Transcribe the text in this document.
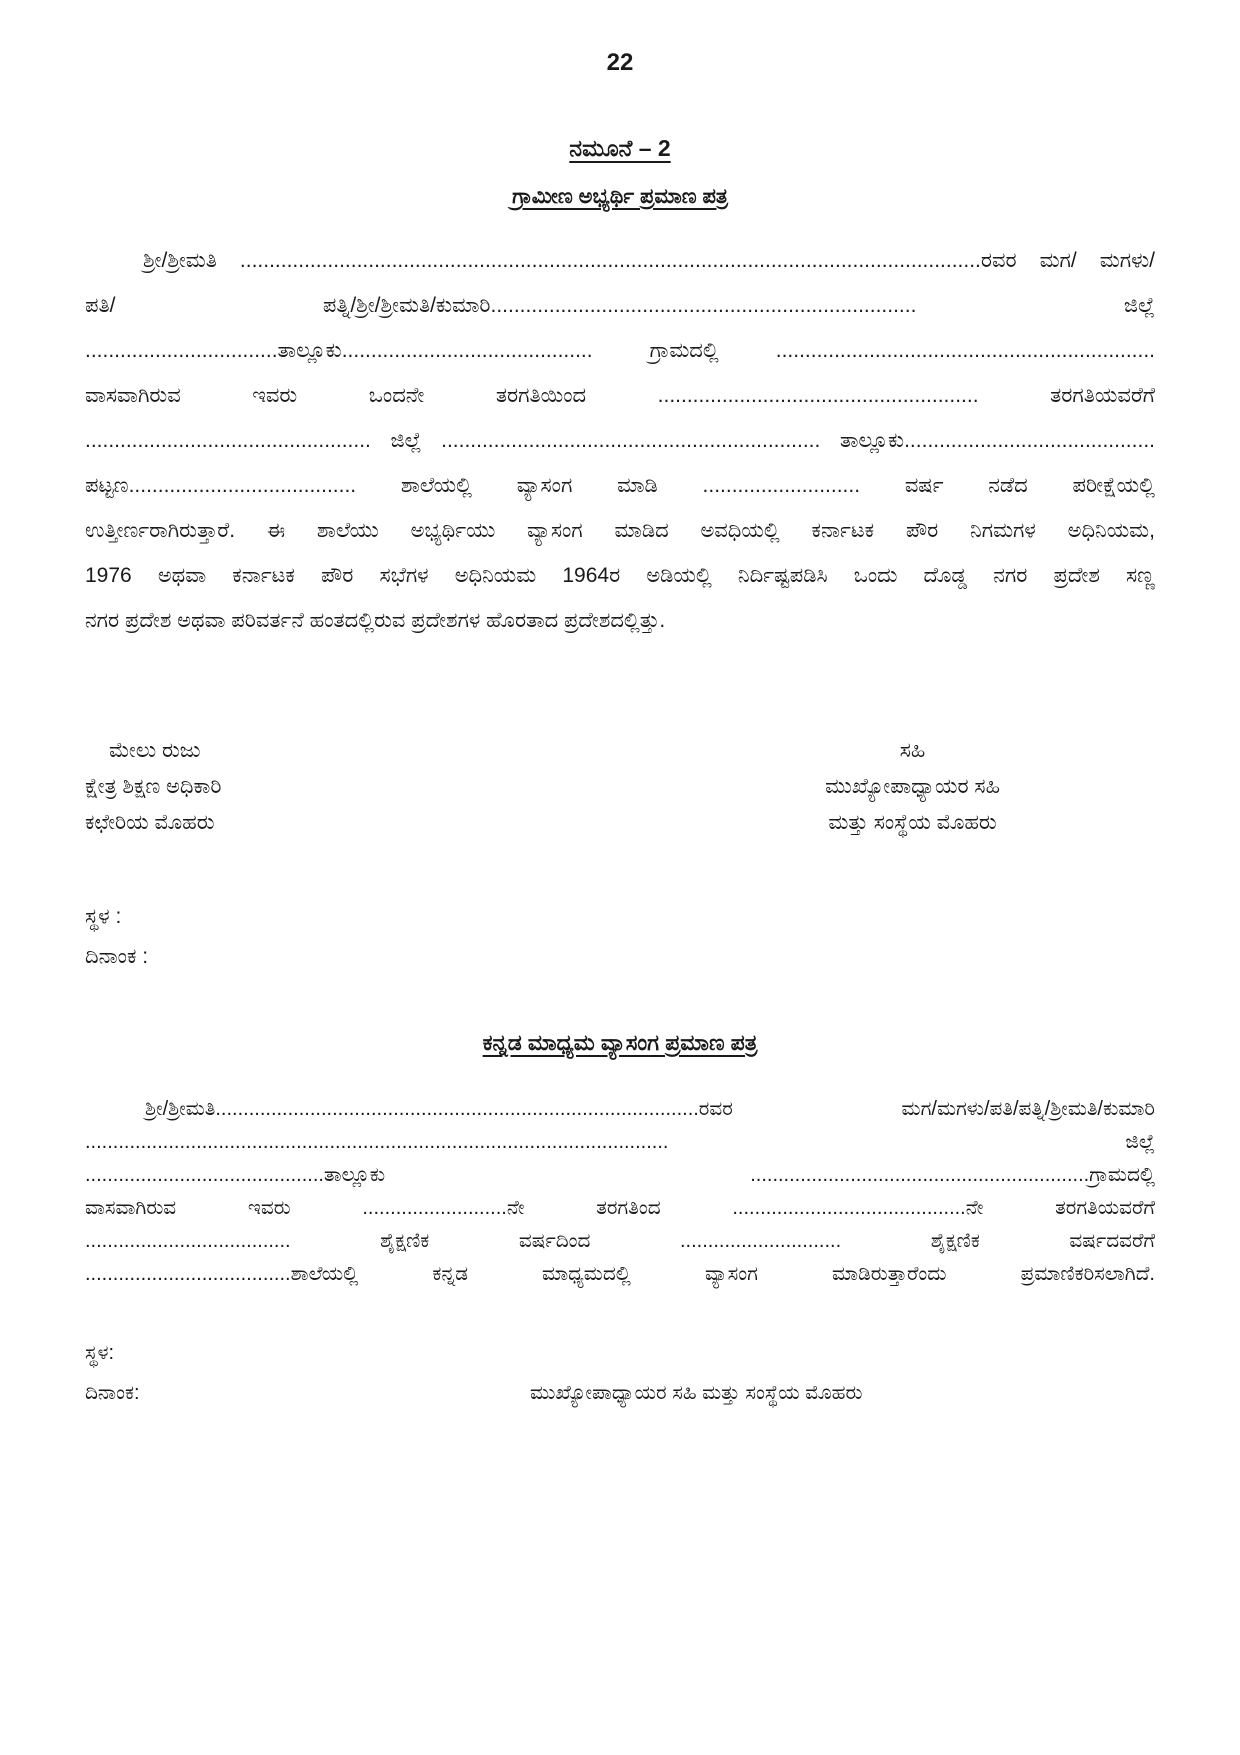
22
ನಮೂನೆ – 2
ಗ್ರಾಮೀಣ ಅಭ್ಯರ್ಥಿ ಪ್ರಮಾಣ ಪತ್ರ
ಶ್ರೀ/ಶ್ರೀಮತಿ ...............................................................................................................................ರವರ ಮಗ/ ಮಗಳು/
ಪತಿ/ ಪತ್ನಿ/ಶ್ರೀ/ಶ್ರೀಮತಿ/ಕುಮಾರಿ......................................................................... ಜಿಲ್ಲೆ
.................................ತಾಲ್ಲೂಕು........................................... ಗ್ರಾಮದಲ್ಲಿ .................................................................
ವಾಸವಾಗಿರುವ ಇವರು ಒಂದನೇ ತರಗತಿಯಿಂದ ....................................................... ತರಗತಿಯವರೆಗೆ
................................................. ಜಿಲ್ಲೆ ................................................................. ತಾಲ್ಲೂಕು...........................................
ಪಟ್ಟಣ....................................... ಶಾಲೆಯಲ್ಲಿ ವ್ಯಾಸಂಗ ಮಾಡಿ ........................... ವರ್ಷ ನಡೆದ ಪರೀಕ್ಷೆಯಲ್ಲಿ
ಉತ್ತೀರ್ಣರಾಗಿರುತ್ತಾರೆ. ಈ ಶಾಲೆಯು ಅಭ್ಯರ್ಥಿಯು ವ್ಯಾಸಂಗ ಮಾಡಿದ ಅವಧಿಯಲ್ಲಿ ಕರ್ನಾಟಕ ಪೌರ ನಿಗಮಗಳ ಅಧಿನಿಯಮ,
1976 ಅಥವಾ ಕರ್ನಾಟಕ ಪೌರ ಸಭೆಗಳ ಅಧಿನಿಯಮ 1964ರ ಅಡಿಯಲ್ಲಿ ನಿರ್ದಿಷ್ಟಪಡಿಸಿ ಒಂದು ದೊಡ್ಡ ನಗರ ಪ್ರದೇಶ ಸಣ್ಣ
ನಗರ ಪ್ರದೇಶ ಅಥವಾ ಪರಿವರ್ತನೆ ಹಂತದಲ್ಲಿರುವ ಪ್ರದೇಶಗಳ ಹೊರತಾದ ಪ್ರದೇಶದಲ್ಲಿತ್ತು.
ಮೇಲು ರುಜು
ಕ್ಷೇತ್ರ ಶಿಕ್ಷಣ ಅಧಿಕಾರಿ
ಕಛೇರಿಯ ಮೊಹರು
ಸಹಿ
ಮುಖ್ಯೋಪಾಧ್ಯಾಯರ ಸಹಿ
ಮತ್ತು ಸಂಸ್ಥೆಯ ಮೊಹರು
ಸ್ಥಳ :
ದಿನಾಂಕ :
ಕನ್ನಡ ಮಾಧ್ಯಮ ವ್ಯಾಸಂಗ ಪ್ರಮಾಣ ಪತ್ರ
ಶ್ರೀ/ಶ್ರೀಮತಿ.......................................................................................ರವರ ಮಗ/ಮಗಳು/ಪತಿ/ಪತ್ನಿ/ಶ್ರೀಮತಿ/ಕುಮಾರಿ
......................................................................................................... ಜಿಲ್ಲೆ
...........................................ತಾಲ್ಲೂಕು .............................................................ಗ್ರಾಮದಲ್ಲಿ
ವಾಸವಾಗಿರುವ ಇವರು ..........................ನೇ ತರಗತಿಂದ ..........................................ನೇ ತರಗತಿಯವರೆಗೆ
..................................... ಶೈಕ್ಷಣಿಕ ವರ್ಷದಿಂದ ............................. ಶೈಕ್ಷಣಿಕ ವರ್ಷದವರೆಗೆ
.....................................ಶಾಲೆಯಲ್ಲಿ ಕನ್ನಡ ಮಾಧ್ಯಮದಲ್ಲಿ ವ್ಯಾಸಂಗ ಮಾಡಿರುತ್ತಾರೆಂದು ಪ್ರಮಾಣಿಕರಿಸಲಾಗಿದೆ.
ಸ್ಥಳ:
ದಿನಾಂಕ:	ಮುಖ್ಯೋಪಾಧ್ಯಾಯರ ಸಹಿ ಮತ್ತು ಸಂಸ್ಥೆಯ ಮೊಹರು
